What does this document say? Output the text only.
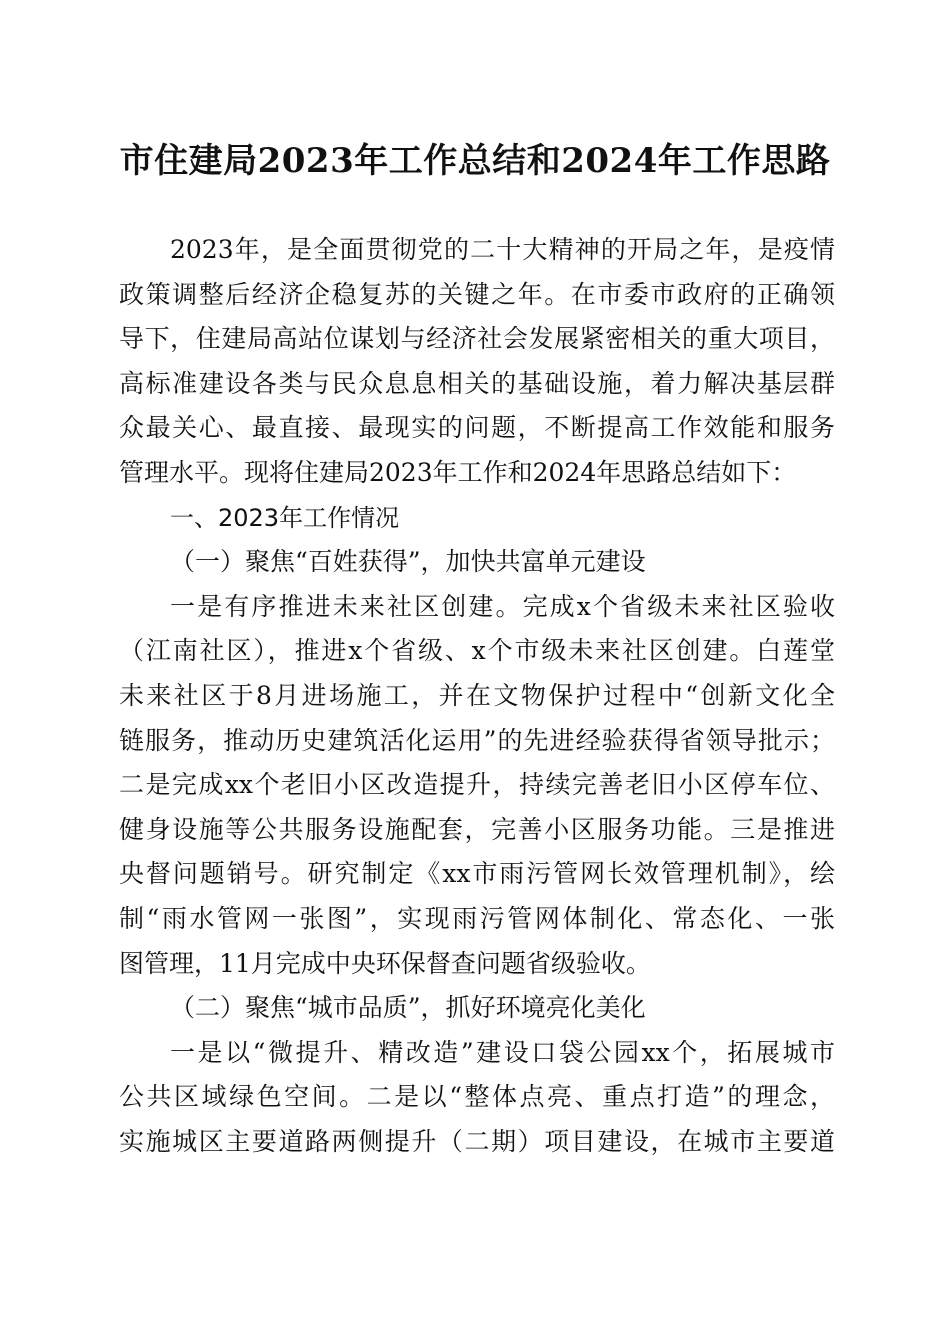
市住建局2023年工作总结和2024年工作思路
2023年，是全面贯彻党的二十大精神的开局之年，是疫情
政策调整后经济企稳复苏的关键之年。在市委市政府的正确领
导下，住建局高站位谋划与经济社会发展紧密相关的重大项目，
高标准建设各类与民众息息相关的基础设施，着力解决基层群
众最关心、最直接、最现实的问题，不断提高工作效能和服务
管理水平。现将住建局2023年工作和2024年思路总结如下：
一、2023年工作情况
（一）聚焦“百姓获得”，加快共富单元建设
一是有序推进未来社区创建。完成x个省级未来社区验收
（江南社区），推进x个省级、x个市级未来社区创建。白莲堂
未来社区于8月进场施工，并在文物保护过程中“创新文化全
链服务，推动历史建筑活化运用”的先进经验获得省领导批示；
二是完成xx个老旧小区改造提升，持续完善老旧小区停车位、
健身设施等公共服务设施配套，完善小区服务功能。三是推进
央督问题销号。研究制定《xx市雨污管网长效管理机制》，绘
制“雨水管网一张图”，实现雨污管网体制化、常态化、一张
图管理，11月完成中央环保督查问题省级验收。
（二）聚焦“城市品质”，抓好环境亮化美化
一是以“微提升、精改造”建设口袋公园xx个，拓展城市
公共区域绿色空间。二是以“整体点亮、重点打造”的理念，
实施城区主要道路两侧提升（二期）项目建设，在城市主要道
